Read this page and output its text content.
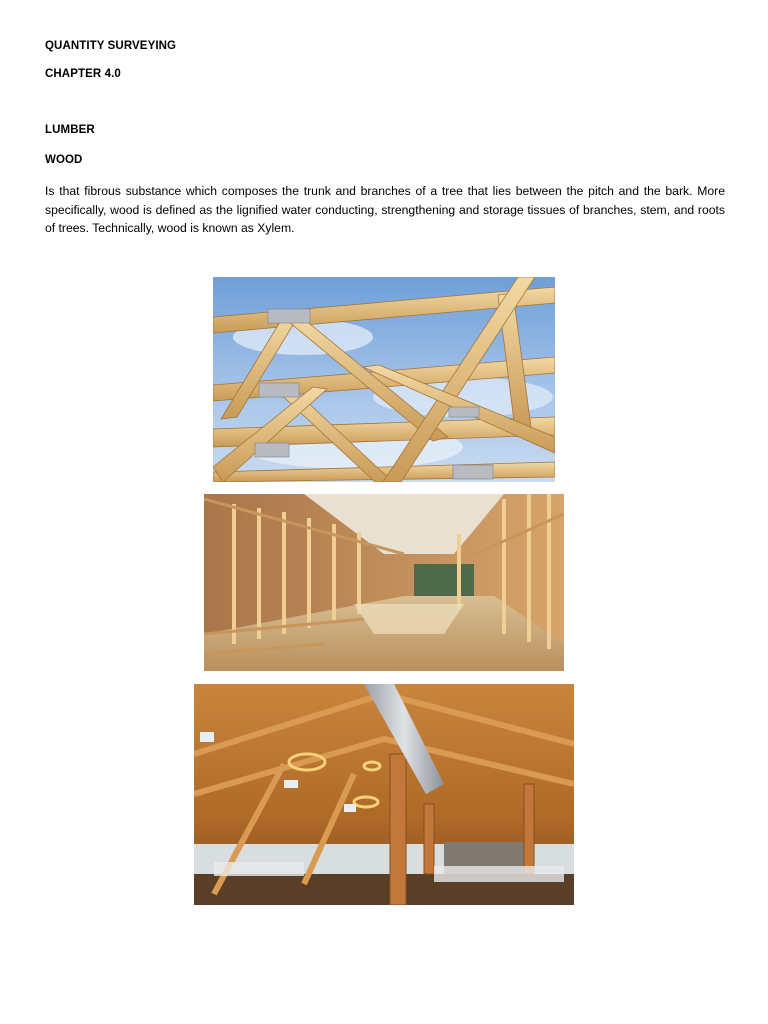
QUANTITY SURVEYING
CHAPTER 4.0
LUMBER
WOOD
Is that fibrous substance which composes the trunk and branches of a tree that lies between the pitch and the bark. More specifically, wood is defined as the lignified water conducting, strengthening and storage tissues of branches, stem, and roots of trees. Technically, wood is known as Xylem.
